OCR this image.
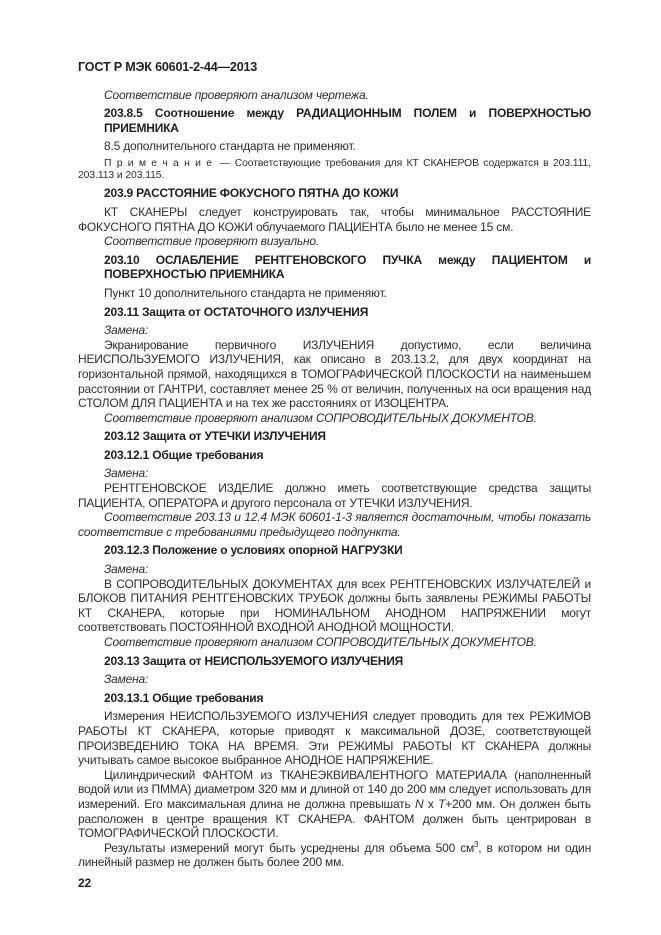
ГОСТ Р МЭК 60601-2-44—2013
Соответствие проверяют анализом чертежа.
203.8.5 Соотношение между РАДИАЦИОННЫМ ПОЛЕМ и ПОВЕРХНОСТЬЮ ПРИЕМНИКА
8.5 дополнительного стандарта не применяют.
П р и м е ч а н и е — Соответствующие требования для КТ СКАНЕРОВ содержатся в 203.111, 203.113 и 203.115.
203.9 РАССТОЯНИЕ ФОКУСНОГО ПЯТНА ДО КОЖИ
КТ СКАНЕРЫ следует конструировать так, чтобы минимальное РАССТОЯНИЕ ФОКУСНОГО ПЯТНА ДО КОЖИ облучаемого ПАЦИЕНТА было не менее 15 см.
Соответствие проверяют визуально.
203.10 ОСЛАБЛЕНИЕ РЕНТГЕНОВСКОГО ПУЧКА между ПАЦИЕНТОМ и ПОВЕРХНОСТЬЮ ПРИЕМНИКА
Пункт 10 дополнительного стандарта не применяют.
203.11 Защита от ОСТАТОЧНОГО ИЗЛУЧЕНИЯ
Замена:
Экранирование первичного ИЗЛУЧЕНИЯ допустимо, если величина НЕИСПОЛЬЗУЕМОГО ИЗЛУЧЕНИЯ, как описано в 203.13.2, для двух координат на горизонтальной прямой, находящихся в ТОМОГРАФИЧЕСКОЙ ПЛОСКОСТИ на наименьшем расстоянии от ГАНТРИ, составляет менее 25 % от величин, полученных на оси вращения над СТОЛОМ ДЛЯ ПАЦИЕНТА и на тех же расстояниях от ИЗОЦЕНТРА.
Соответствие проверяют анализом СОПРОВОДИТЕЛЬНЫХ ДОКУМЕНТОВ.
203.12 Защита от УТЕЧКИ ИЗЛУЧЕНИЯ
203.12.1 Общие требования
Замена:
РЕНТГЕНОВСКОЕ ИЗДЕЛИЕ должно иметь соответствующие средства защиты ПАЦИЕНТА, ОПЕРАТОРА и другого персонала от УТЕЧКИ ИЗЛУЧЕНИЯ.
Соответствие 203.13 и 12.4 МЭК 60601-1-3 является достаточным, чтобы показать соответствие с требованиями предыдущего подпункта.
203.12.3 Положение о условиях опорной НАГРУЗКИ
Замена:
В СОПРОВОДИТЕЛЬНЫХ ДОКУМЕНТАХ для всех РЕНТГЕНОВСКИХ ИЗЛУЧАТЕЛЕЙ и БЛОКОВ ПИТАНИЯ РЕНТГЕНОВСКИХ ТРУБОК должны быть заявлены РЕЖИМЫ РАБОТЫ КТ СКАНЕРА, которые при НОМИНАЛЬНОМ АНОДНОМ НАПРЯЖЕНИИ могут соответствовать ПОСТОЯННОЙ ВХОДНОЙ АНОДНОЙ МОЩНОСТИ.
Соответствие проверяют анализом СОПРОВОДИТЕЛЬНЫХ ДОКУМЕНТОВ.
203.13 Защита от НЕИСПОЛЬЗУЕМОГО ИЗЛУЧЕНИЯ
Замена:
203.13.1 Общие требования
Измерения НЕИСПОЛЬЗУЕМОГО ИЗЛУЧЕНИЯ следует проводить для тех РЕЖИМОВ РАБОТЫ КТ СКАНЕРА, которые приводят к максимальной ДОЗЕ, соответствующей ПРОИЗВЕДЕНИЮ ТОКА НА ВРЕМЯ. Эти РЕЖИМЫ РАБОТЫ КТ СКАНЕРА должны учитывать самое высокое выбранное АНОДНОЕ НАПРЯЖЕНИЕ.
Цилиндрический ФАНТОМ из ТКАНЕЭКВИВАЛЕНТНОГО МАТЕРИАЛА (наполненный водой или из ПММА) диаметром 320 мм и длиной от 140 до 200 мм следует использовать для измерений. Его максимальная длина не должна превышать N x T+200 мм. Он должен быть расположен в центре вращения КТ СКАНЕРА. ФАНТОМ должен быть центрирован в ТОМОГРАФИЧЕСКОЙ ПЛОСКОСТИ.
Результаты измерений могут быть усреднены для объема 500 $см^3$, в котором ни один линейный размер не должен быть более 200 мм.
22
